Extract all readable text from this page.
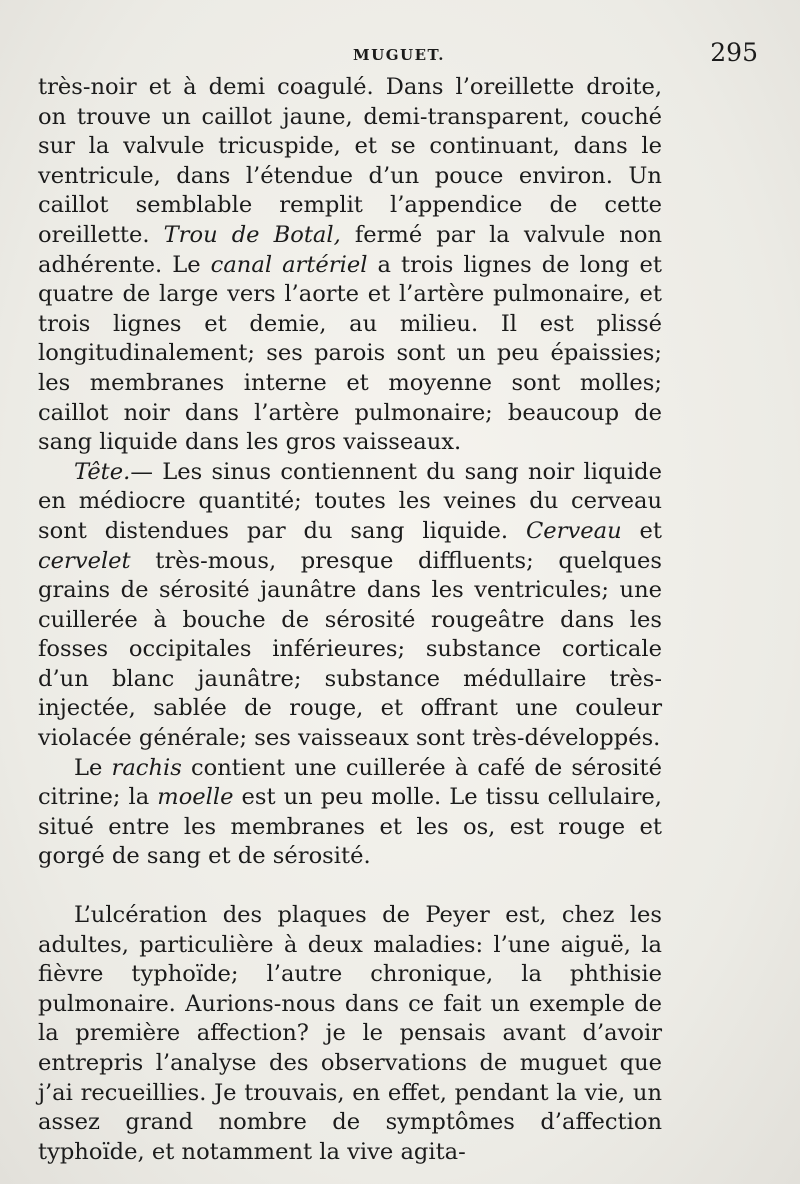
MUGUET.	295

très-noir et à demi coagulé. Dans l’oreillette droite, on trouve un caillot jaune, demi-transparent, couché sur la valvule tricuspide, et se continuant, dans le ventricule, dans l’étendue d’un pouce environ. Un caillot semblable remplit l’appendice de cette oreillette. Trou de Botal, fermé par la valvule non adhérente. Le canal artériel a trois lignes de long et quatre de large vers l’aorte et l’artère pulmonaire, et trois lignes et demie, au milieu. Il est plissé longitudinalement; ses parois sont un peu épaissies; les membranes interne et moyenne sont molles; caillot noir dans l’artère pulmonaire; beaucoup de sang liquide dans les gros vaisseaux.

Tête.— Les sinus contiennent du sang noir liquide en médiocre quantité; toutes les veines du cerveau sont distendues par du sang liquide. Cerveau et cervelet très-mous, presque diffluents; quelques grains de sérosité jaunâtre dans les ventricules; une cuillerée à bouche de sérosité rougeâtre dans les fosses occipitales inférieures; substance corticale d’un blanc jaunâtre; substance médullaire très-injectée, sablée de rouge, et offrant une couleur violacée générale; ses vaisseaux sont très-développés.

Le rachis contient une cuillerée à café de sérosité citrine; la moelle est un peu molle. Le tissu cellulaire, situé entre les membranes et les os, est rouge et gorgé de sang et de sérosité.

L’ulcération des plaques de Peyer est, chez les adultes, particulière à deux maladies: l’une aiguë, la fièvre typhoïde; l’autre chronique, la phthisie pulmonaire. Aurions-nous dans ce fait un exemple de la première affection? je le pensais avant d’avoir entrepris l’analyse des observations de muguet que j’ai recueillies. Je trouvais, en effet, pendant la vie, un assez grand nombre de symptômes d’affection typhoïde, et notamment la vive agita-
